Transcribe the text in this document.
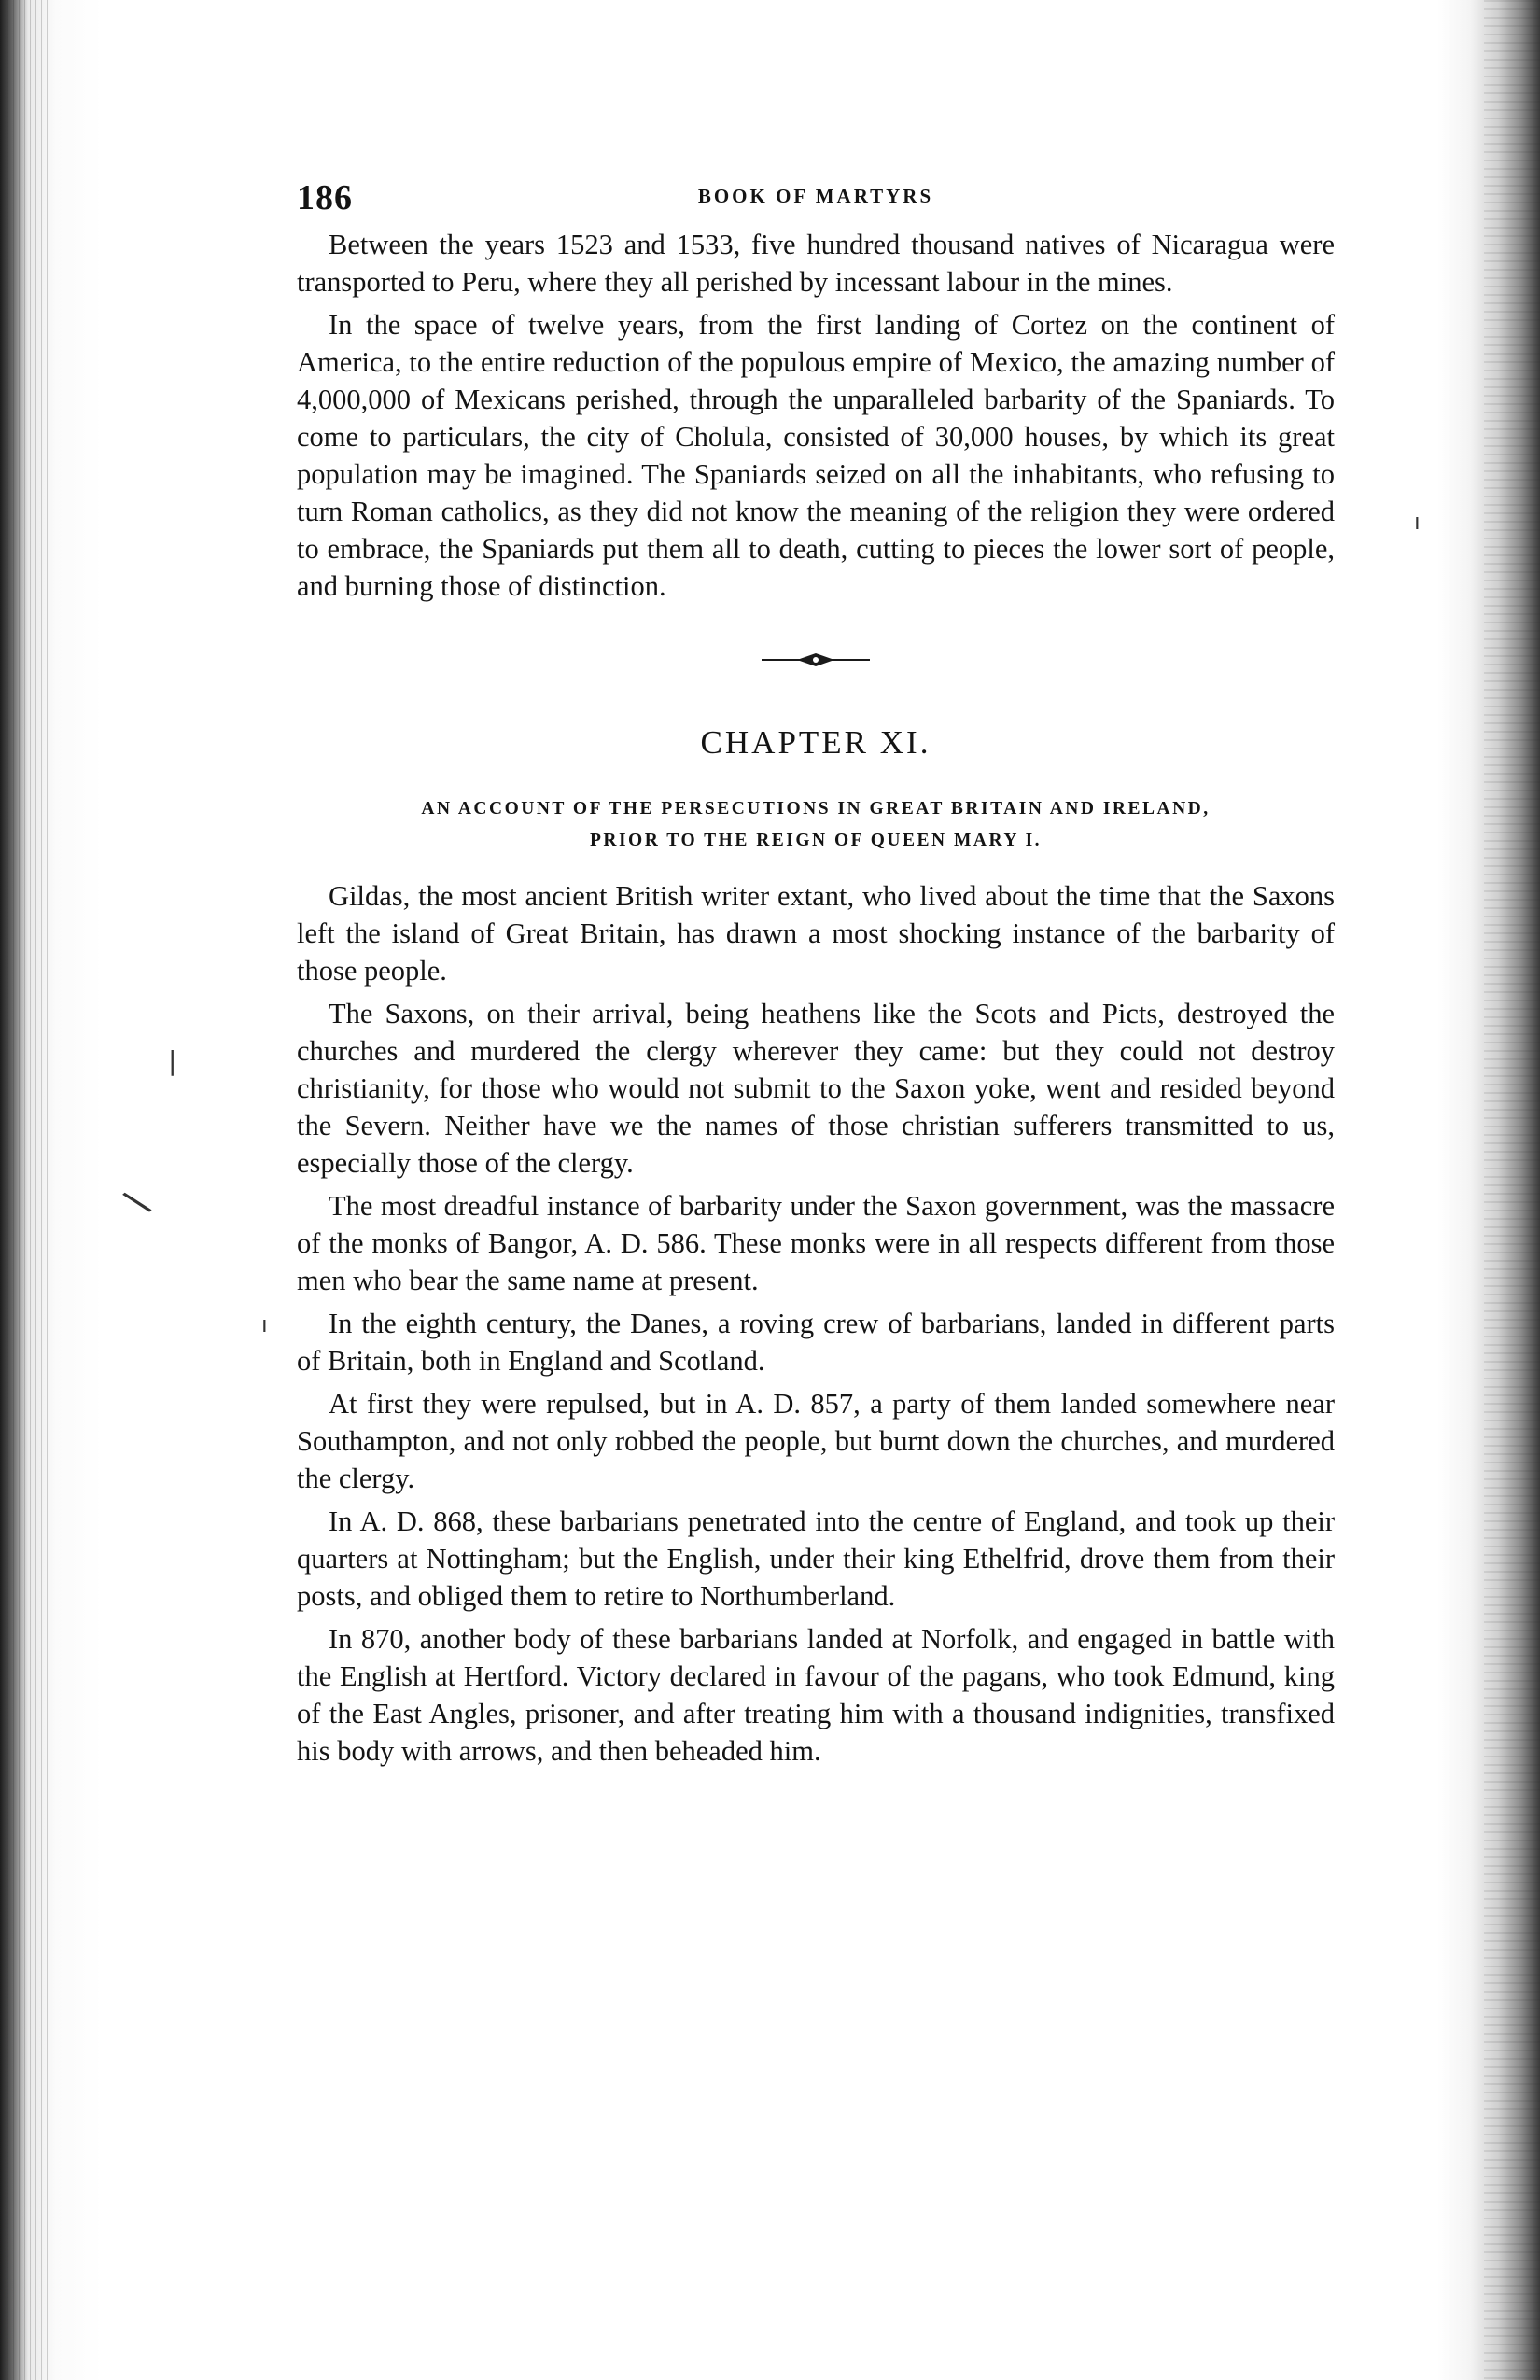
186	BOOK OF MARTYRS

Between the years 1523 and 1533, five hundred thousand natives of Nicaragua were transported to Peru, where they all perished by incessant labour in the mines.

In the space of twelve years, from the first landing of Cortez on the continent of America, to the entire reduction of the populous empire of Mexico, the amazing number of 4,000,000 of Mexicans perished, through the unparalleled barbarity of the Spaniards. To come to particulars, the city of Cholula, consisted of 30,000 houses, by which its great population may be imagined. The Spaniards seized on all the inhabitants, who refusing to turn Roman catholics, as they did not know the meaning of the religion they were ordered to embrace, the Spaniards put them all to death, cutting to pieces the lower sort of people, and burning those of distinction.

CHAPTER XI.
AN ACCOUNT OF THE PERSECUTIONS IN GREAT BRITAIN AND IRELAND,
PRIOR TO THE REIGN OF QUEEN MARY I.

Gildas, the most ancient British writer extant, who lived about the time that the Saxons left the island of Great Britain, has drawn a most shocking instance of the barbarity of those people.

The Saxons, on their arrival, being heathens like the Scots and Picts, destroyed the churches and murdered the clergy wherever they came: but they could not destroy christianity, for those who would not submit to the Saxon yoke, went and resided beyond the Severn. Neither have we the names of those christian sufferers transmitted to us, especially those of the clergy.

The most dreadful instance of barbarity under the Saxon government, was the massacre of the monks of Bangor, A. D. 586. These monks were in all respects different from those men who bear the same name at present.

In the eighth century, the Danes, a roving crew of barbarians, landed in different parts of Britain, both in England and Scotland.

At first they were repulsed, but in A. D. 857, a party of them landed somewhere near Southampton, and not only robbed the people, but burnt down the churches, and murdered the clergy.

In A. D. 868, these barbarians penetrated into the centre of England, and took up their quarters at Nottingham; but the English, under their king Ethelfrid, drove them from their posts, and obliged them to retire to Northumberland.

In 870, another body of these barbarians landed at Norfolk, and engaged in battle with the English at Hertford. Victory declared in favour of the pagans, who took Edmund, king of the East Angles, prisoner, and after treating him with a thousand indignities, transfixed his body with arrows, and then beheaded him.

\
|
ı
ı
